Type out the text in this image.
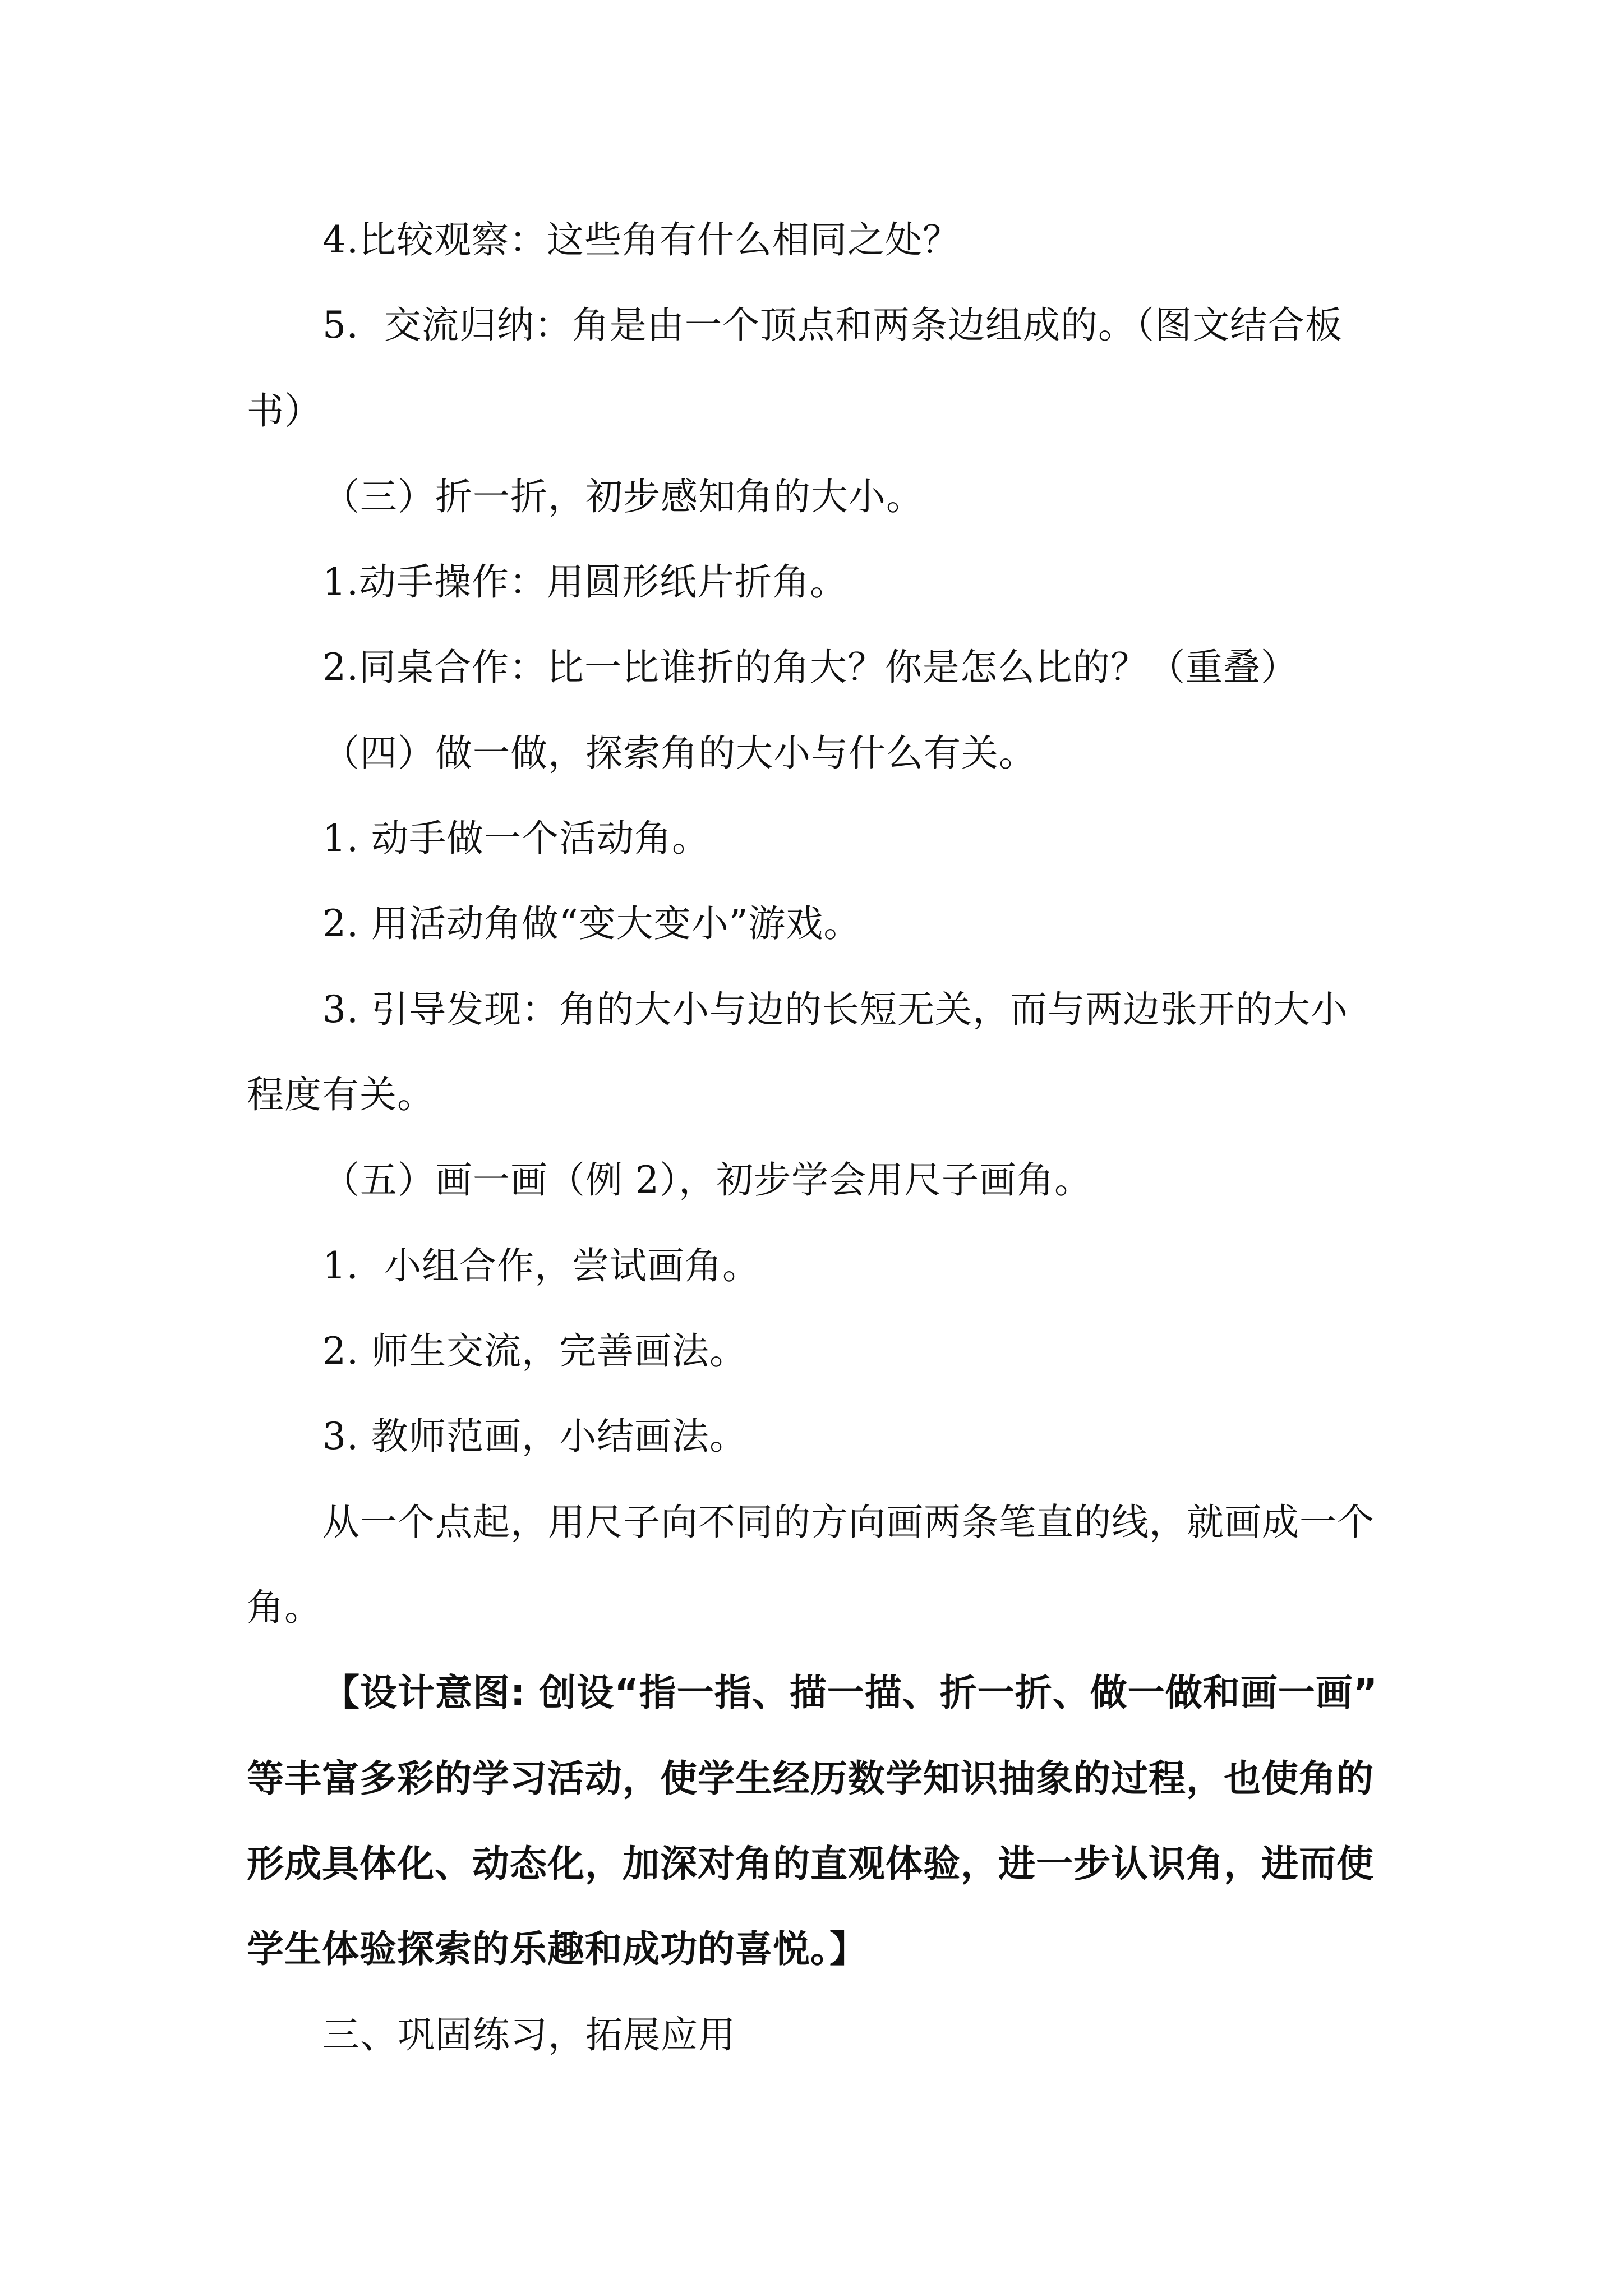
4.比较观察：这些角有什么相同之处？
5．交流归纳：角是由一个顶点和两条边组成的。（图文结合板
书）
（三）折一折，初步感知角的大小。
1.动手操作：用圆形纸片折角。
2.同桌合作：比一比谁折的角大？你是怎么比的？（重叠）
（四）做一做，探索角的大小与什么有关。
1. 动手做一个活动角。
2. 用活动角做“变大变小”游戏。
3. 引导发现：角的大小与边的长短无关，而与两边张开的大小
程度有关。
（五）画一画（例 2），初步学会用尺子画角。
1．小组合作，尝试画角。
2. 师生交流，完善画法。
3. 教师范画，小结画法。
从一个点起，用尺子向不同的方向画两条笔直的线，就画成一个
角。
【设计意图: 创设“指一指、描一描、折一折、做一做和画一画”
等丰富多彩的学习活动，使学生经历数学知识抽象的过程，也使角的
形成具体化、动态化，加深对角的直观体验，进一步认识角，进而使
学生体验探索的乐趣和成功的喜悦。】
三、巩固练习，拓展应用
